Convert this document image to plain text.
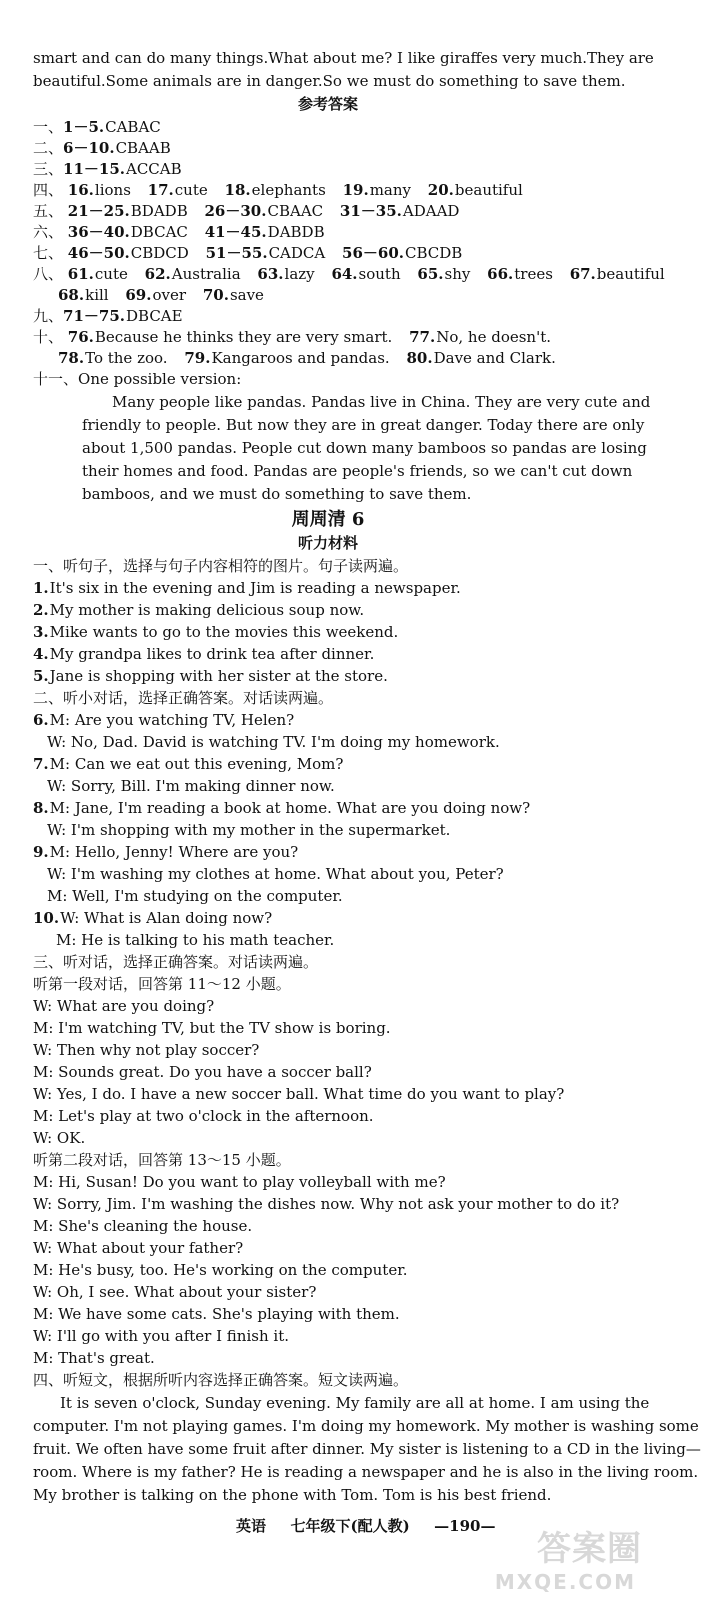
smart and can do many things.What about me? I like giraffes very much.They are
beautiful.Some animals are in danger.So we must do something to save them.
参考答案
一、1－5.CABAC
二、6－10.CBAAB
三、11－15.ACCAB
四、 16.lions 17.cute 18.elephants 19.many 20.beautiful
五、 21－25.BDADB 26－30.CBAAC 31－35.ADAAD
六、 36－40.DBCAC 41－45.DABDB
七、 46－50.CBDCD 51－55.CADCA 56－60.CBCDB
八、 61.cute 62.Australia 63.lazy 64.south 65.shy 66.trees 67.beautiful
68.kill 69.over 70.save
九、71－75.DBCAE
十、 76.Because he thinks they are very smart. 77.No, he doesn't.
78.To the zoo. 79.Kangaroos and pandas. 80.Dave and Clark.
十一、One possible version:
Many people like pandas. Pandas live in China. They are very cute and
friendly to people. But now they are in great danger. Today there are only
about 1,500 pandas. People cut down many bamboos so pandas are losing
their homes and food. Pandas are people's friends, so we can't cut down
bamboos, and we must do something to save them.
周周清 6
听力材料
一、听句子，选择与句子内容相符的图片。句子读两遍。
1.It's six in the evening and Jim is reading a newspaper.
2.My mother is making delicious soup now.
3.Mike wants to go to the movies this weekend.
4.My grandpa likes to drink tea after dinner.
5.Jane is shopping with her sister at the store.
二、听小对话，选择正确答案。对话读两遍。
6.M: Are you watching TV, Helen?
W: No, Dad. David is watching TV. I'm doing my homework.
7.M: Can we eat out this evening, Mom?
W: Sorry, Bill. I'm making dinner now.
8.M: Jane, I'm reading a book at home. What are you doing now?
W: I'm shopping with my mother in the supermarket.
9.M: Hello, Jenny! Where are you?
W: I'm washing my clothes at home. What about you, Peter?
M: Well, I'm studying on the computer.
10.W: What is Alan doing now?
M: He is talking to his math teacher.
三、听对话，选择正确答案。对话读两遍。
听第一段对话，回答第 11～12 小题。
W: What are you doing?
M: I'm watching TV, but the TV show is boring.
W: Then why not play soccer?
M: Sounds great. Do you have a soccer ball?
W: Yes, I do. I have a new soccer ball. What time do you want to play?
M: Let's play at two o'clock in the afternoon.
W: OK.
听第二段对话，回答第 13～15 小题。
M: Hi, Susan! Do you want to play volleyball with me?
W: Sorry, Jim. I'm washing the dishes now. Why not ask your mother to do it?
M: She's cleaning the house.
W: What about your father?
M: He's busy, too. He's working on the computer.
W: Oh, I see. What about your sister?
M: We have some cats. She's playing with them.
W: I'll go with you after I finish it.
M: That's great.
四、听短文，根据所听内容选择正确答案。短文读两遍。
It is seven o'clock, Sunday evening. My family are all at home. I am using the
computer. I'm not playing games. I'm doing my homework. My mother is washing some
fruit. We often have some fruit after dinner. My sister is listening to a CD in the living—
room. Where is my father? He is reading a newspaper and he is also in the living room.
My brother is talking on the phone with Tom. Tom is his best friend.
英语 七年级下(配人教) —190—
答案圈
MXQE.COM
